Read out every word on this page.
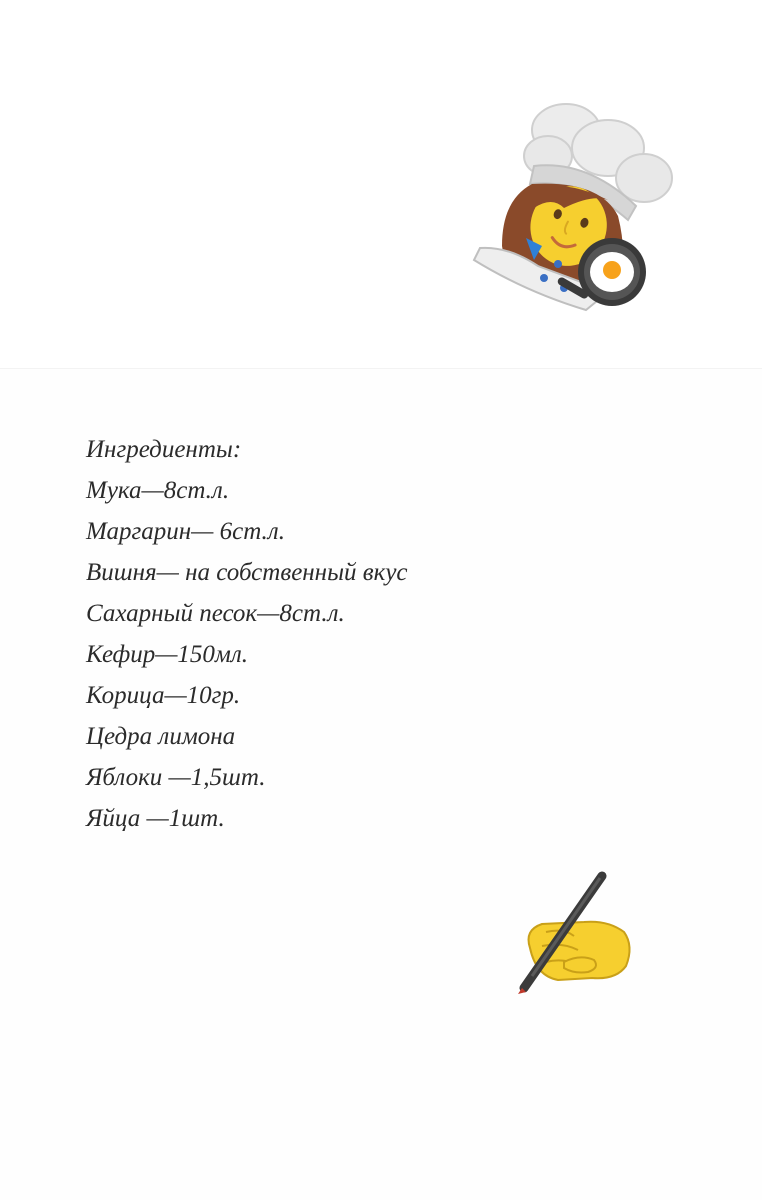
Ингредиенты:

Мука—8ст.л.

Маргарин— 6ст.л.

Вишня— на собственный вкус

Сахарный песок—8ст.л.

Кефир—150мл.

Корица—10гр.

Цедра лимона

Яблоки —1,5шт.

Яйца —1шт.
